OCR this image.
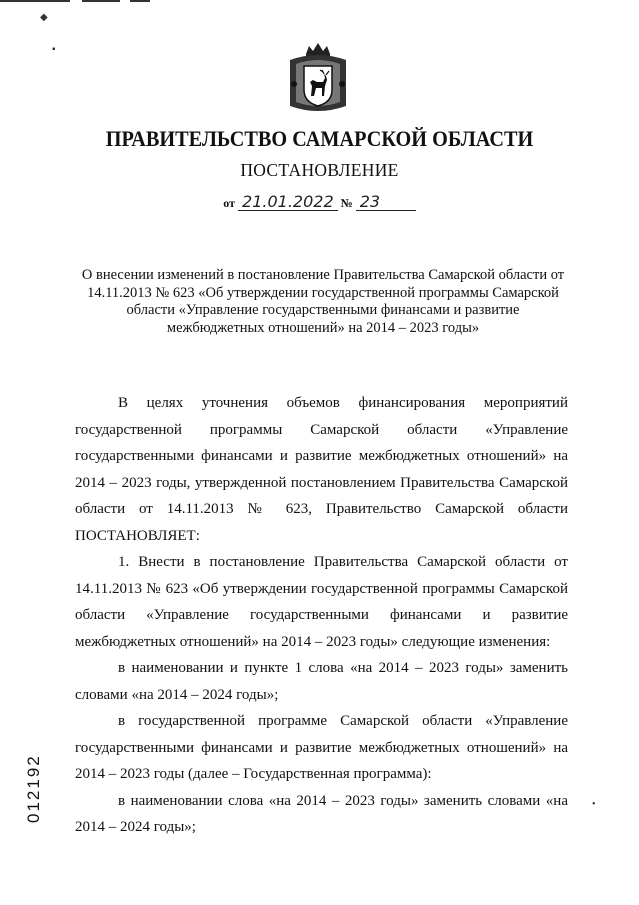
◆
▪
ПРАВИТЕЛЬСТВО САМАРСКОЙ ОБЛАСТИ
ПОСТАНОВЛЕНИЕ
от 21.01.2022 № 23
О внесении изменений в постановление Правительства Самарской области от 14.11.2013 № 623 «Об утверждении государственной программы Самарской области «Управление государственными финансами и развитие межбюджетных отношений» на 2014 – 2023 годы»

В целях уточнения объемов финансирования мероприятий государственной программы Самарской области «Управление государственными финансами и развитие межбюджетных отношений» на 2014 – 2023 годы, утвержденной постановлением Правительства Самарской области от 14.11.2013 № 623, Правительство Самарской области ПОСТАНОВЛЯЕТ:

1. Внести в постановление Правительства Самарской области от 14.11.2013 № 623 «Об утверждении государственной программы Самарской области «Управление государственными финансами и развитие межбюджетных отношений» на 2014 – 2023 годы» следующие изменения:

в наименовании и пункте 1 слова «на 2014 – 2023 годы» заменить словами «на 2014 – 2024 годы»;

в государственной программе Самарской области «Управление государственными финансами и развитие межбюджетных отношений» на 2014 – 2023 годы (далее – Государственная программа):

в наименовании слова «на 2014 – 2023 годы» заменить словами «на 2014 – 2024 годы»;

012192	•
